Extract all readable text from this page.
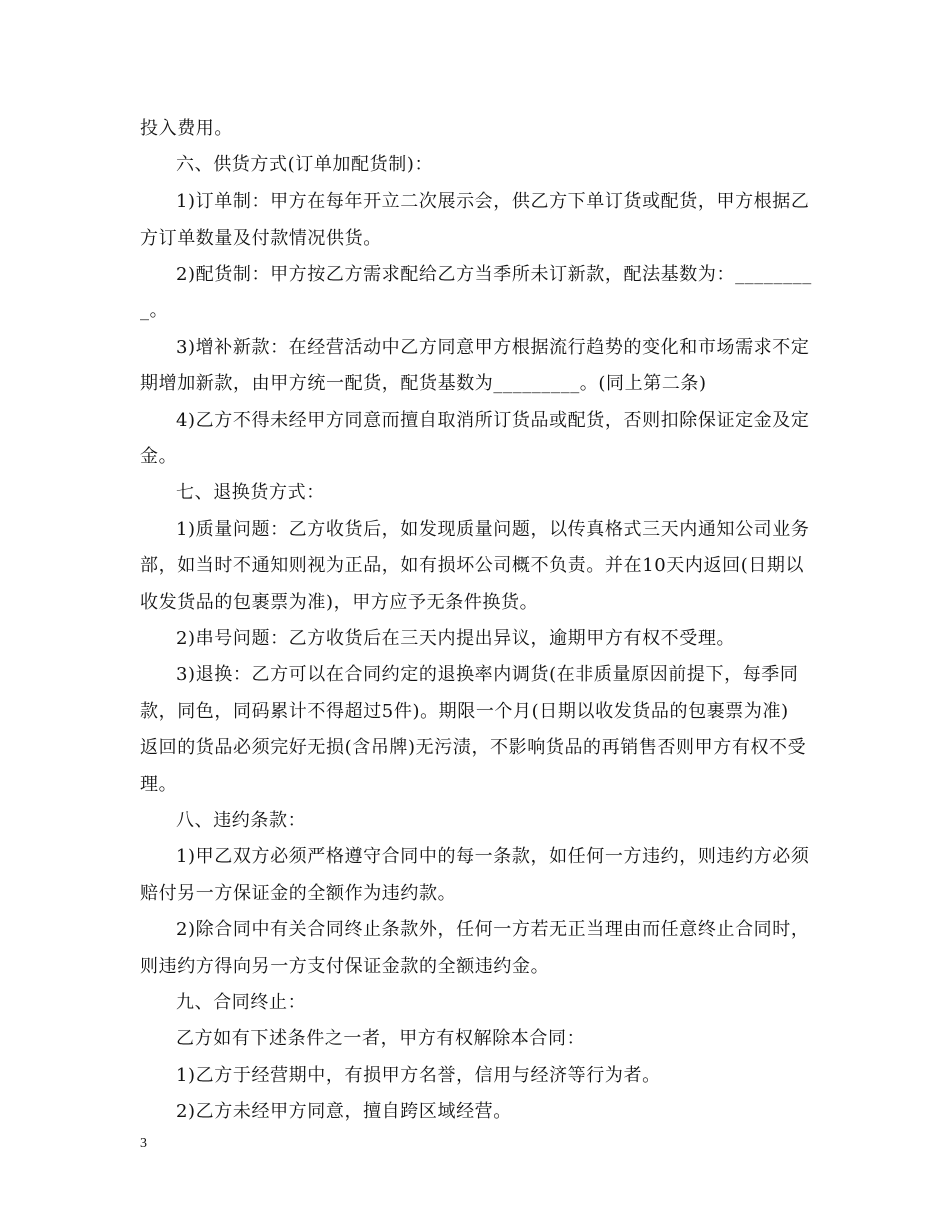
投入费用。
六、供货方式(订单加配货制)：
1)订单制：甲方在每年开立二次展示会，供乙方下单订货或配货，甲方根据乙
方订单数量及付款情况供货。
2)配货制：甲方按乙方需求配给乙方当季所未订新款，配法基数为：________
_。
3)增补新款：在经营活动中乙方同意甲方根据流行趋势的变化和市场需求不定
期增加新款，由甲方统一配货，配货基数为_________。(同上第二条)
4)乙方不得未经甲方同意而擅自取消所订货品或配货，否则扣除保证定金及定
金。
七、退换货方式：
1)质量问题：乙方收货后，如发现质量问题，以传真格式三天内通知公司业务
部，如当时不通知则视为正品，如有损坏公司概不负责。并在10天内返回(日期以
收发货品的包裹票为准)，甲方应予无条件换货。
2)串号问题：乙方收货后在三天内提出异议，逾期甲方有权不受理。
3)退换：乙方可以在合同约定的退换率内调货(在非质量原因前提下，每季同
款，同色，同码累计不得超过5件)。期限一个月(日期以收发货品的包裹票为准)
返回的货品必须完好无损(含吊牌)无污渍，不影响货品的再销售否则甲方有权不受
理。
八、违约条款：
1)甲乙双方必须严格遵守合同中的每一条款，如任何一方违约，则违约方必须
赔付另一方保证金的全额作为违约款。
2)除合同中有关合同终止条款外，任何一方若无正当理由而任意终止合同时，
则违约方得向另一方支付保证金款的全额违约金。
九、合同终止：
乙方如有下述条件之一者，甲方有权解除本合同：
1)乙方于经营期中，有损甲方名誉，信用与经济等行为者。
2)乙方未经甲方同意，擅自跨区域经营。
3
